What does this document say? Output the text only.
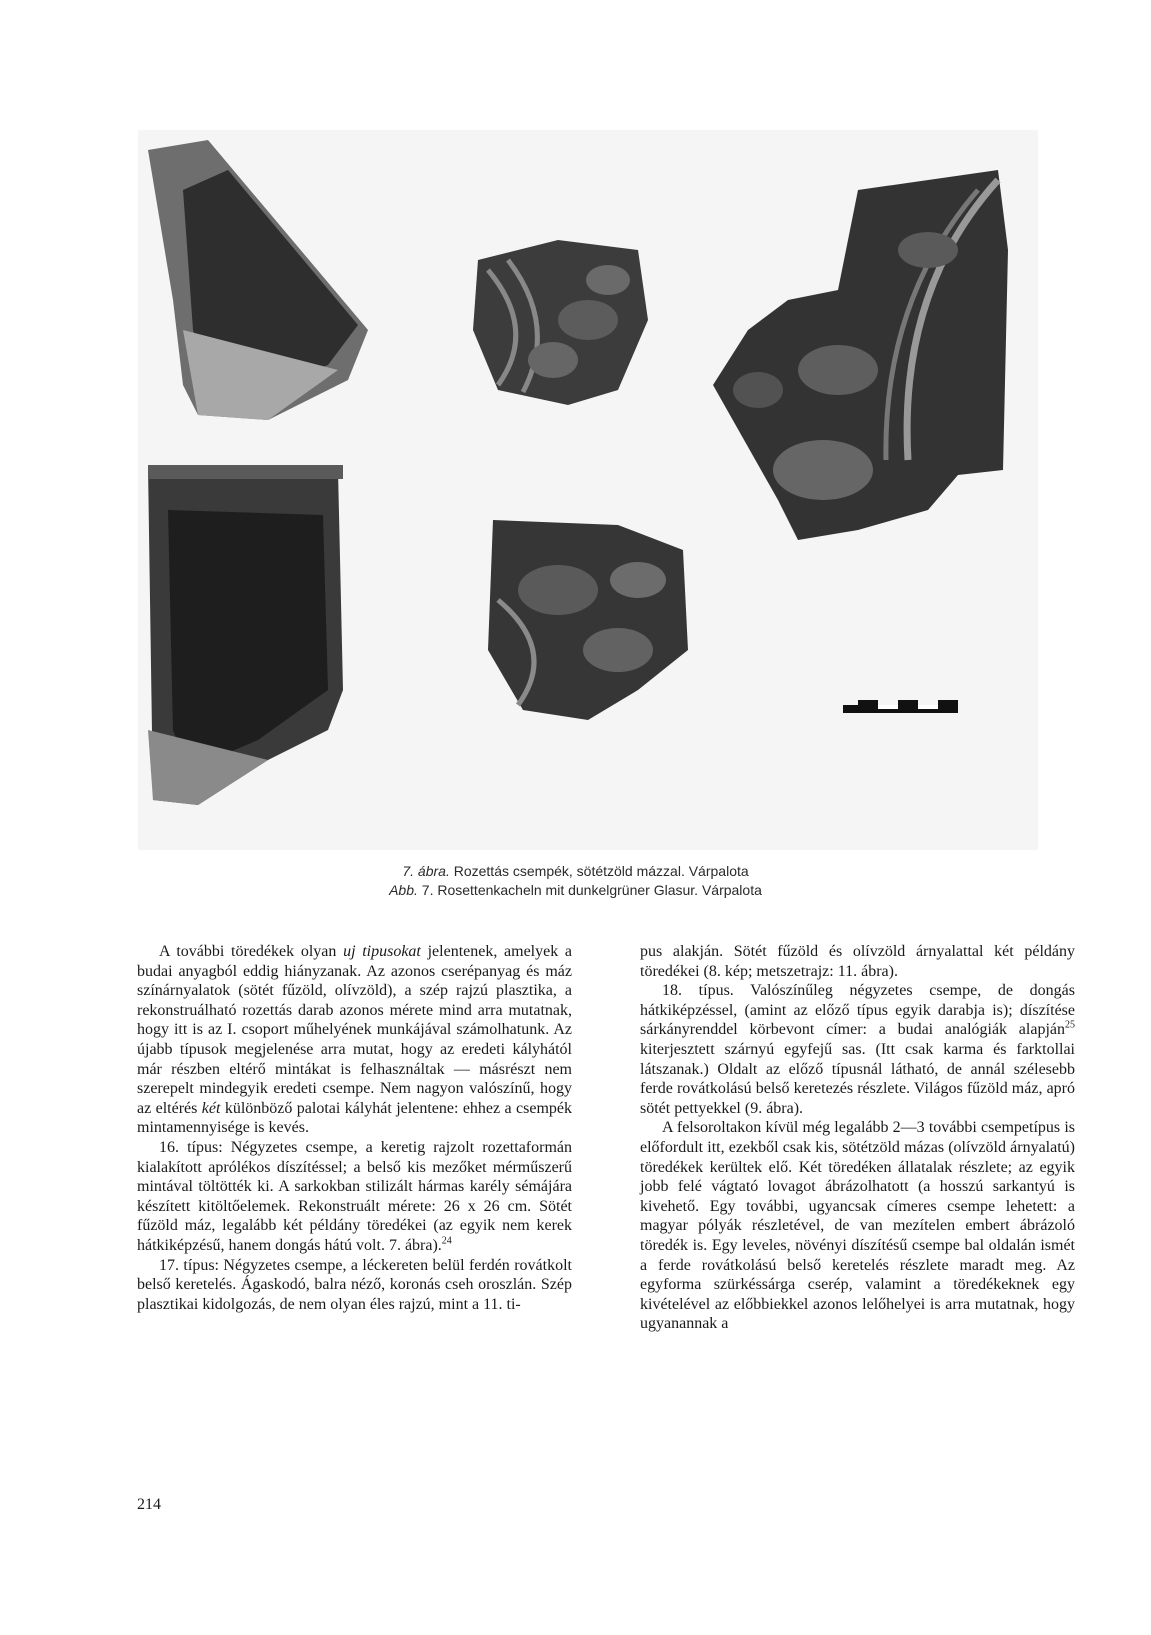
7. ábra. Rozettás csempék, sötétzöld mázzal. Várpalota
Abb. 7. Rosettenkacheln mit dunkelgrüner Glasur. Várpalota

A további töredékek olyan uj tipusokat jelentenek, amelyek a budai anyagból eddig hiányzanak. Az azonos cserépanyag és máz színárnyalatok (sötét fűzöld, olívzöld), a szép rajzú plasztika, a rekonstruálható rozettás darab azonos mérete mind arra mutatnak, hogy itt is az I. csoport műhelyének munkájával számolhatunk. Az újabb típusok megjelenése arra mutat, hogy az eredeti kályhától már részben eltérő mintákat is felhasználtak — másrészt nem szerepelt mindegyik eredeti csempe. Nem nagyon valószínű, hogy az eltérés két különböző palotai kályhát jelentene: ehhez a csempék mintamennyisége is kevés.

16. típus: Négyzetes csempe, a keretig rajzolt rozettaformán kialakított aprólékos díszítéssel; a belső kis mezőket mérműszerű mintával töltötték ki. A sarkokban stilizált hármas karély sémájára készített kitöltőelemek. Rekonstruált mérete: 26 x 26 cm. Sötét fűzöld máz, legalább két példány töredékei (az egyik nem kerek hátkiképzésű, hanem dongás hátú volt. 7. ábra).$^{24}$

17. típus: Négyzetes csempe, a léckereten belül ferdén rovátkolt belső keretelés. Ágaskodó, balra néző, koronás cseh oroszlán. Szép plasztikai kidolgozás, de nem olyan éles rajzú, mint a 11. ti-

pus alakján. Sötét fűzöld és olívzöld árnyalattal két példány töredékei (8. kép; metszetrajz: 11. ábra).

18. típus. Valószínűleg négyzetes csempe, de dongás hátkiképzéssel, (amint az előző típus egyik darabja is); díszítése sárkányrenddel körbevont címer: a budai analógiák alapján$^{25}$ kiterjesztett szárnyú egyfejű sas. (Itt csak karma és farktollai látszanak.) Oldalt az előző típusnál látható, de annál szélesebb ferde rovátkolású belső keretezés részlete. Világos fűzöld máz, apró sötét pettyekkel (9. ábra).

A felsoroltakon kívül még legalább 2—3 további csempetípus is előfordult itt, ezekből csak kis, sötétzöld mázas (olívzöld árnyalatú) töredékek kerültek elő. Két töredéken állatalak részlete; az egyik jobb felé vágtató lovagot ábrázolhatott (a hosszú sarkantyú is kivehető. Egy további, ugyancsak címeres csempe lehetett: a magyar pólyák részletével, de van mezítelen embert ábrázoló töredék is. Egy leveles, növényi díszítésű csempe bal oldalán ismét a ferde rovátkolású belső keretelés részlete maradt meg. Az egyforma szürkéssárga cserép, valamint a töredékeknek egy kivételével az előbbiekkel azonos lelőhelyei is arra mutatnak, hogy ugyanannak a

214
